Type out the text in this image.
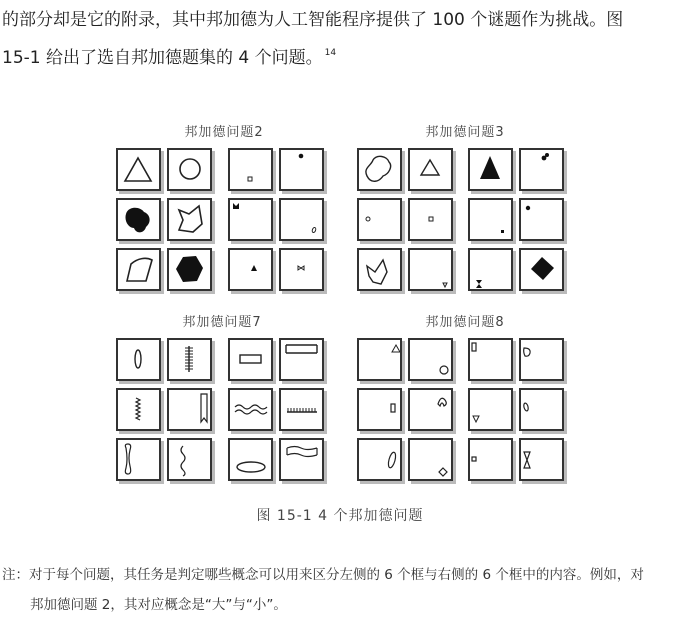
的部分却是它的附录，其中邦加德为人工智能程序提供了 100 个谜题作为挑战。图
15-1 给出了选自邦加德题集的 4 个问题。 $^{14}$
邦加德问题2	邦加德问题3
邦加德问题7	邦加德问题8
图 15-1 4 个邦加德问题
注：对于每个问题，其任务是判定哪些概念可以用来区分左侧的 6 个框与右侧的 6 个框中的内容。例如，对
邦加德问题 2，其对应概念是“大”与“小”。
